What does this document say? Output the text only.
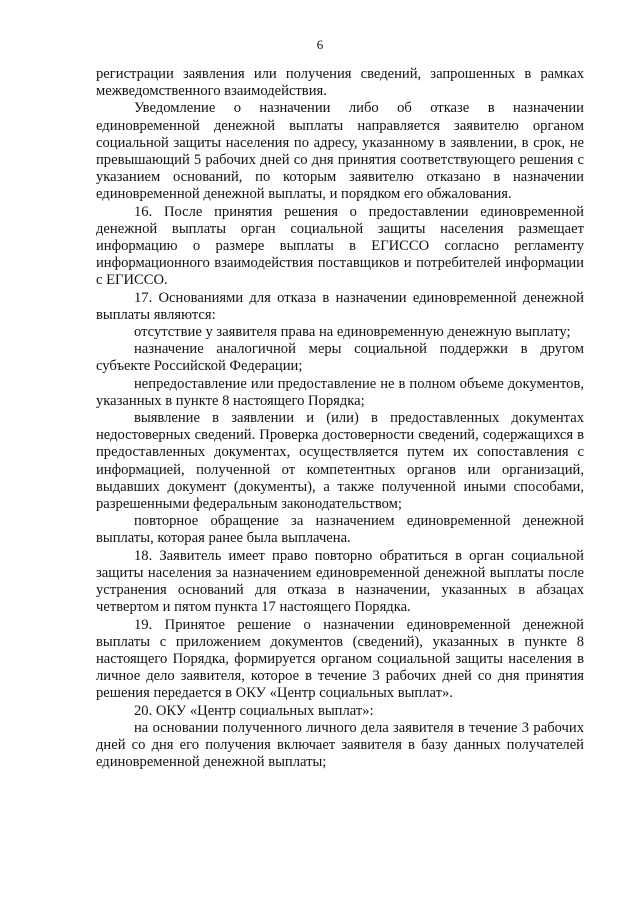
6

регистрации заявления или получения сведений, запрошенных в рамках межведомственного взаимодействия.

Уведомление о назначении либо об отказе в назначении единовременной денежной выплаты направляется заявителю органом социальной защиты населения по адресу, указанному в заявлении, в срок, не превышающий 5 рабочих дней со дня принятия соответствующего решения с указанием оснований, по которым заявителю отказано в назначении единовременной денежной выплаты, и порядком его обжалования.

16. После принятия решения о предоставлении единовременной денежной выплаты орган социальной защиты населения размещает информацию о размере выплаты в ЕГИССО согласно регламенту информационного взаимодействия поставщиков и потребителей информации с ЕГИССО.

17. Основаниями для отказа в назначении единовременной денежной выплаты являются:

отсутствие у заявителя права на единовременную денежную выплату;

назначение аналогичной меры социальной поддержки в другом субъекте Российской Федерации;

непредоставление или предоставление не в полном объеме документов, указанных в пункте 8 настоящего Порядка;

выявление в заявлении и (или) в предоставленных документах недостоверных сведений. Проверка достоверности сведений, содержащихся в предоставленных документах, осуществляется путем их сопоставления с информацией, полученной от компетентных органов или организаций, выдавших документ (документы), а также полученной иными способами, разрешенными федеральным законодательством;

повторное обращение за назначением единовременной денежной выплаты, которая ранее была выплачена.

18. Заявитель имеет право повторно обратиться в орган социальной защиты населения за назначением единовременной денежной выплаты после устранения оснований для отказа в назначении, указанных в абзацах четвертом и пятом пункта 17 настоящего Порядка.

19. Принятое решение о назначении единовременной денежной выплаты с приложением документов (сведений), указанных в пункте 8 настоящего Порядка, формируется органом социальной защиты населения в личное дело заявителя, которое в течение 3 рабочих дней со дня принятия решения передается в ОКУ «Центр социальных выплат».

20. ОКУ «Центр социальных выплат»:

на основании полученного личного дела заявителя в течение 3 рабочих дней со дня его получения включает заявителя в базу данных получателей единовременной денежной выплаты;
